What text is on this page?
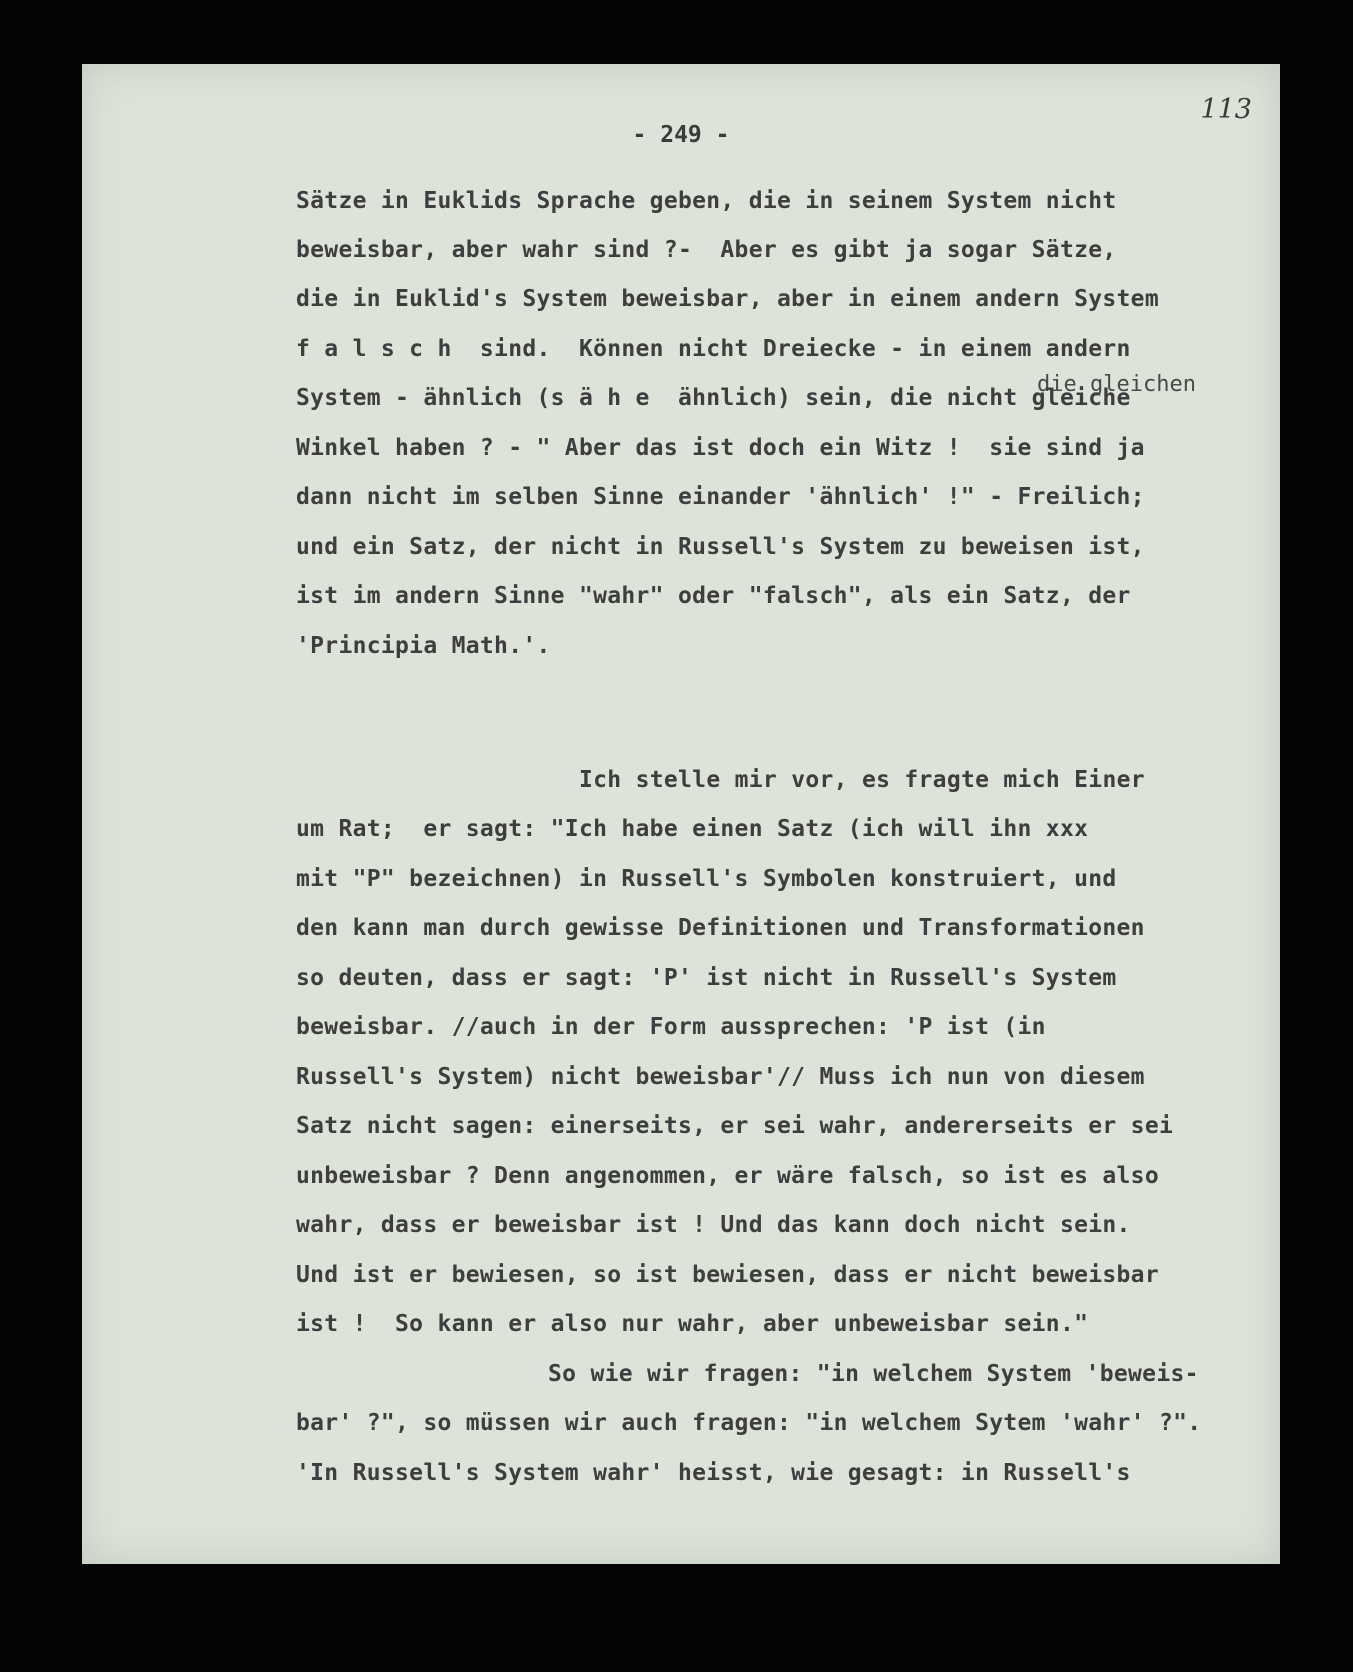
113
- 249 -
die gleichen
Sätze in Euklids Sprache geben, die in seinem System nicht
beweisbar, aber wahr sind ?-  Aber es gibt ja sogar Sätze,
die in Euklid's System beweisbar, aber in einem andern System
f a l s c h  sind.  Können nicht Dreiecke - in einem andern
System - ähnlich (s ä h e  ähnlich) sein, die nicht gleiche
Winkel haben ? - " Aber das ist doch ein Witz !  sie sind ja
dann nicht im selben Sinne einander 'ähnlich' !" - Freilich;
und ein Satz, der nicht in Russell's System zu beweisen ist,
ist im andern Sinne "wahr" oder "falsch", als ein Satz, der
'Principia Math.'.
Ich stelle mir vor, es fragte mich Einer
um Rat;  er sagt: "Ich habe einen Satz (ich will ihn xxx
mit "P" bezeichnen) in Russell's Symbolen konstruiert, und
den kann man durch gewisse Definitionen und Transformationen
so deuten, dass er sagt: 'P' ist nicht in Russell's System
beweisbar. //auch in der Form aussprechen: 'P ist (in
Russell's System) nicht beweisbar'// Muss ich nun von diesem
Satz nicht sagen: einerseits, er sei wahr, andererseits er sei
unbeweisbar ? Denn angenommen, er wäre falsch, so ist es also
wahr, dass er beweisbar ist ! Und das kann doch nicht sein.
Und ist er bewiesen, so ist bewiesen, dass er nicht beweisbar
ist !  So kann er also nur wahr, aber unbeweisbar sein."
So wie wir fragen: "in welchem System 'beweis-
bar' ?", so müssen wir auch fragen: "in welchem Sytem 'wahr' ?".
'In Russell's System wahr' heisst, wie gesagt: in Russell's
